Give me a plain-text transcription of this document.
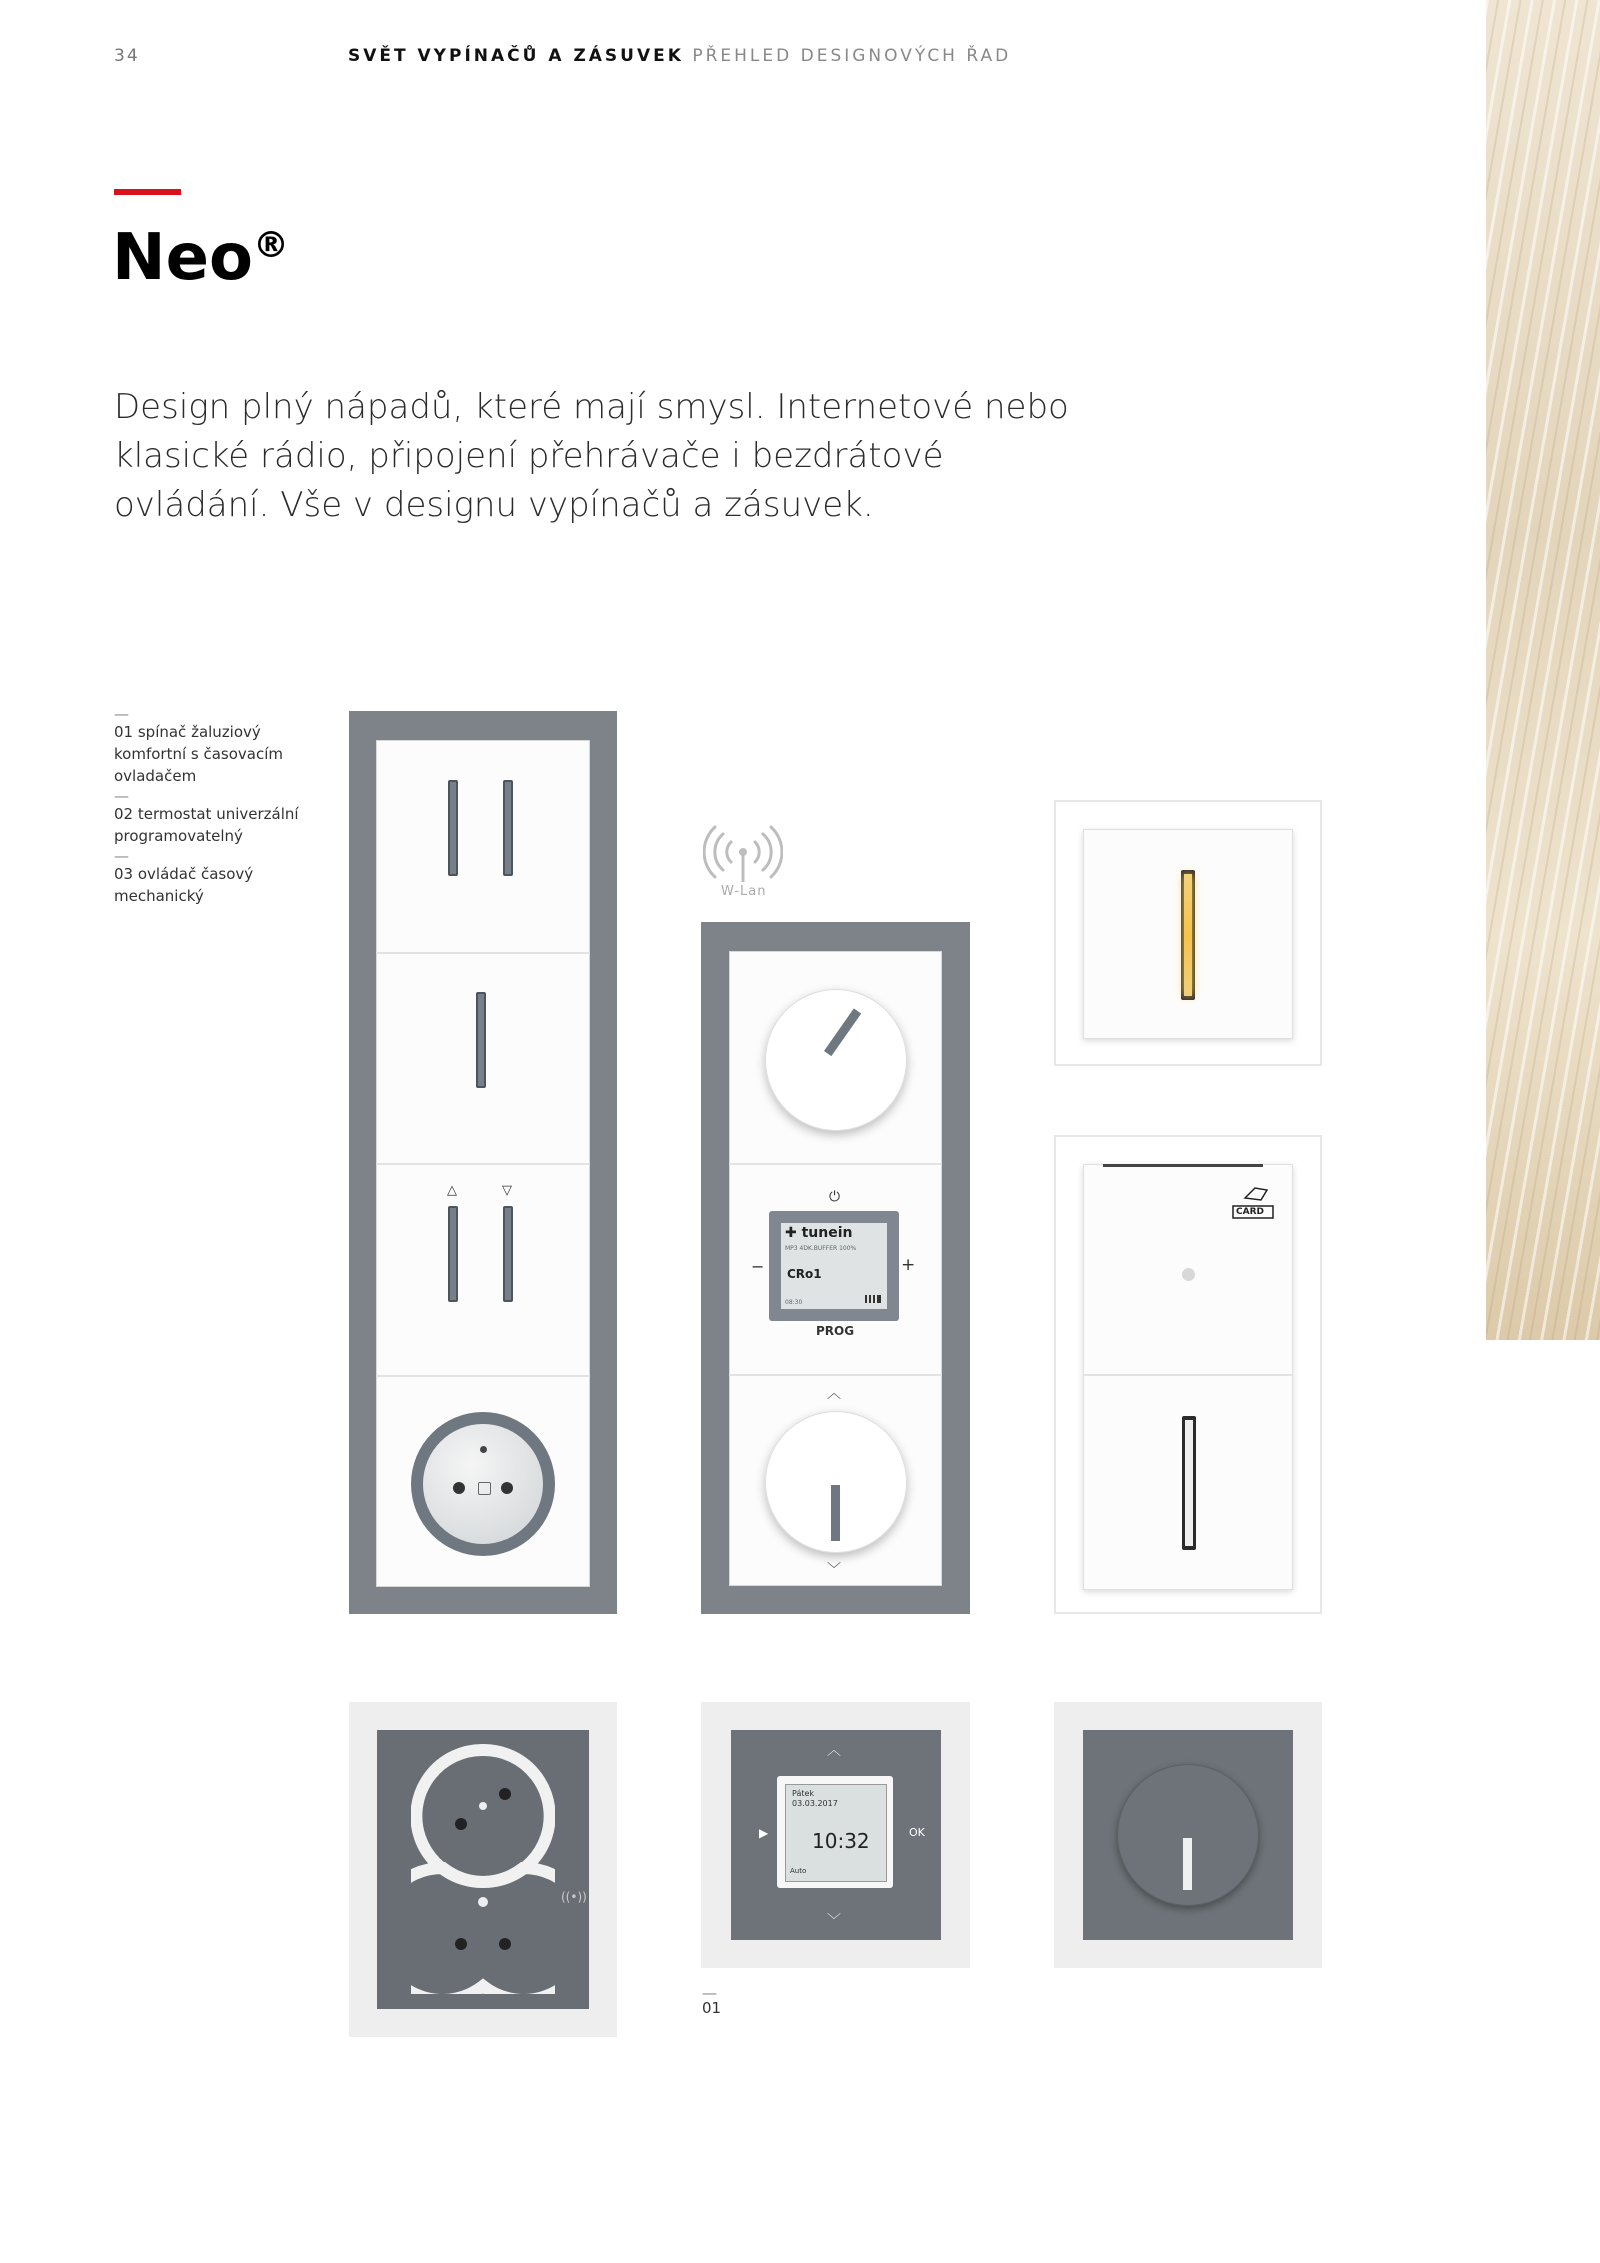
34	SVĚT VYPÍNAČŮ A ZÁSUVEK PŘEHLED DESIGNOVÝCH ŘAD
Neo®
Design plný nápadů, které mají smysl. Internetové nebo klasické rádio, připojení přehrávače i bezdrátové ovládání. Vše v designu vypínačů a zásuvek.
—
01 spínač žaluziový komfortní s časovacím ovladačem
—
02 termostat univerzální programovatelný
—
03 ovládač časový mechanický
△	▽
W-Lan
⏻
−	+
✚ tunein
MP3 4DK.BUFFER 100%
CRo1
08:30
PROG
︿
﹀
CARD
((•))
︿
﹀
▶	OK
Pátek
03.03.2017
10:32
Auto
—
01
